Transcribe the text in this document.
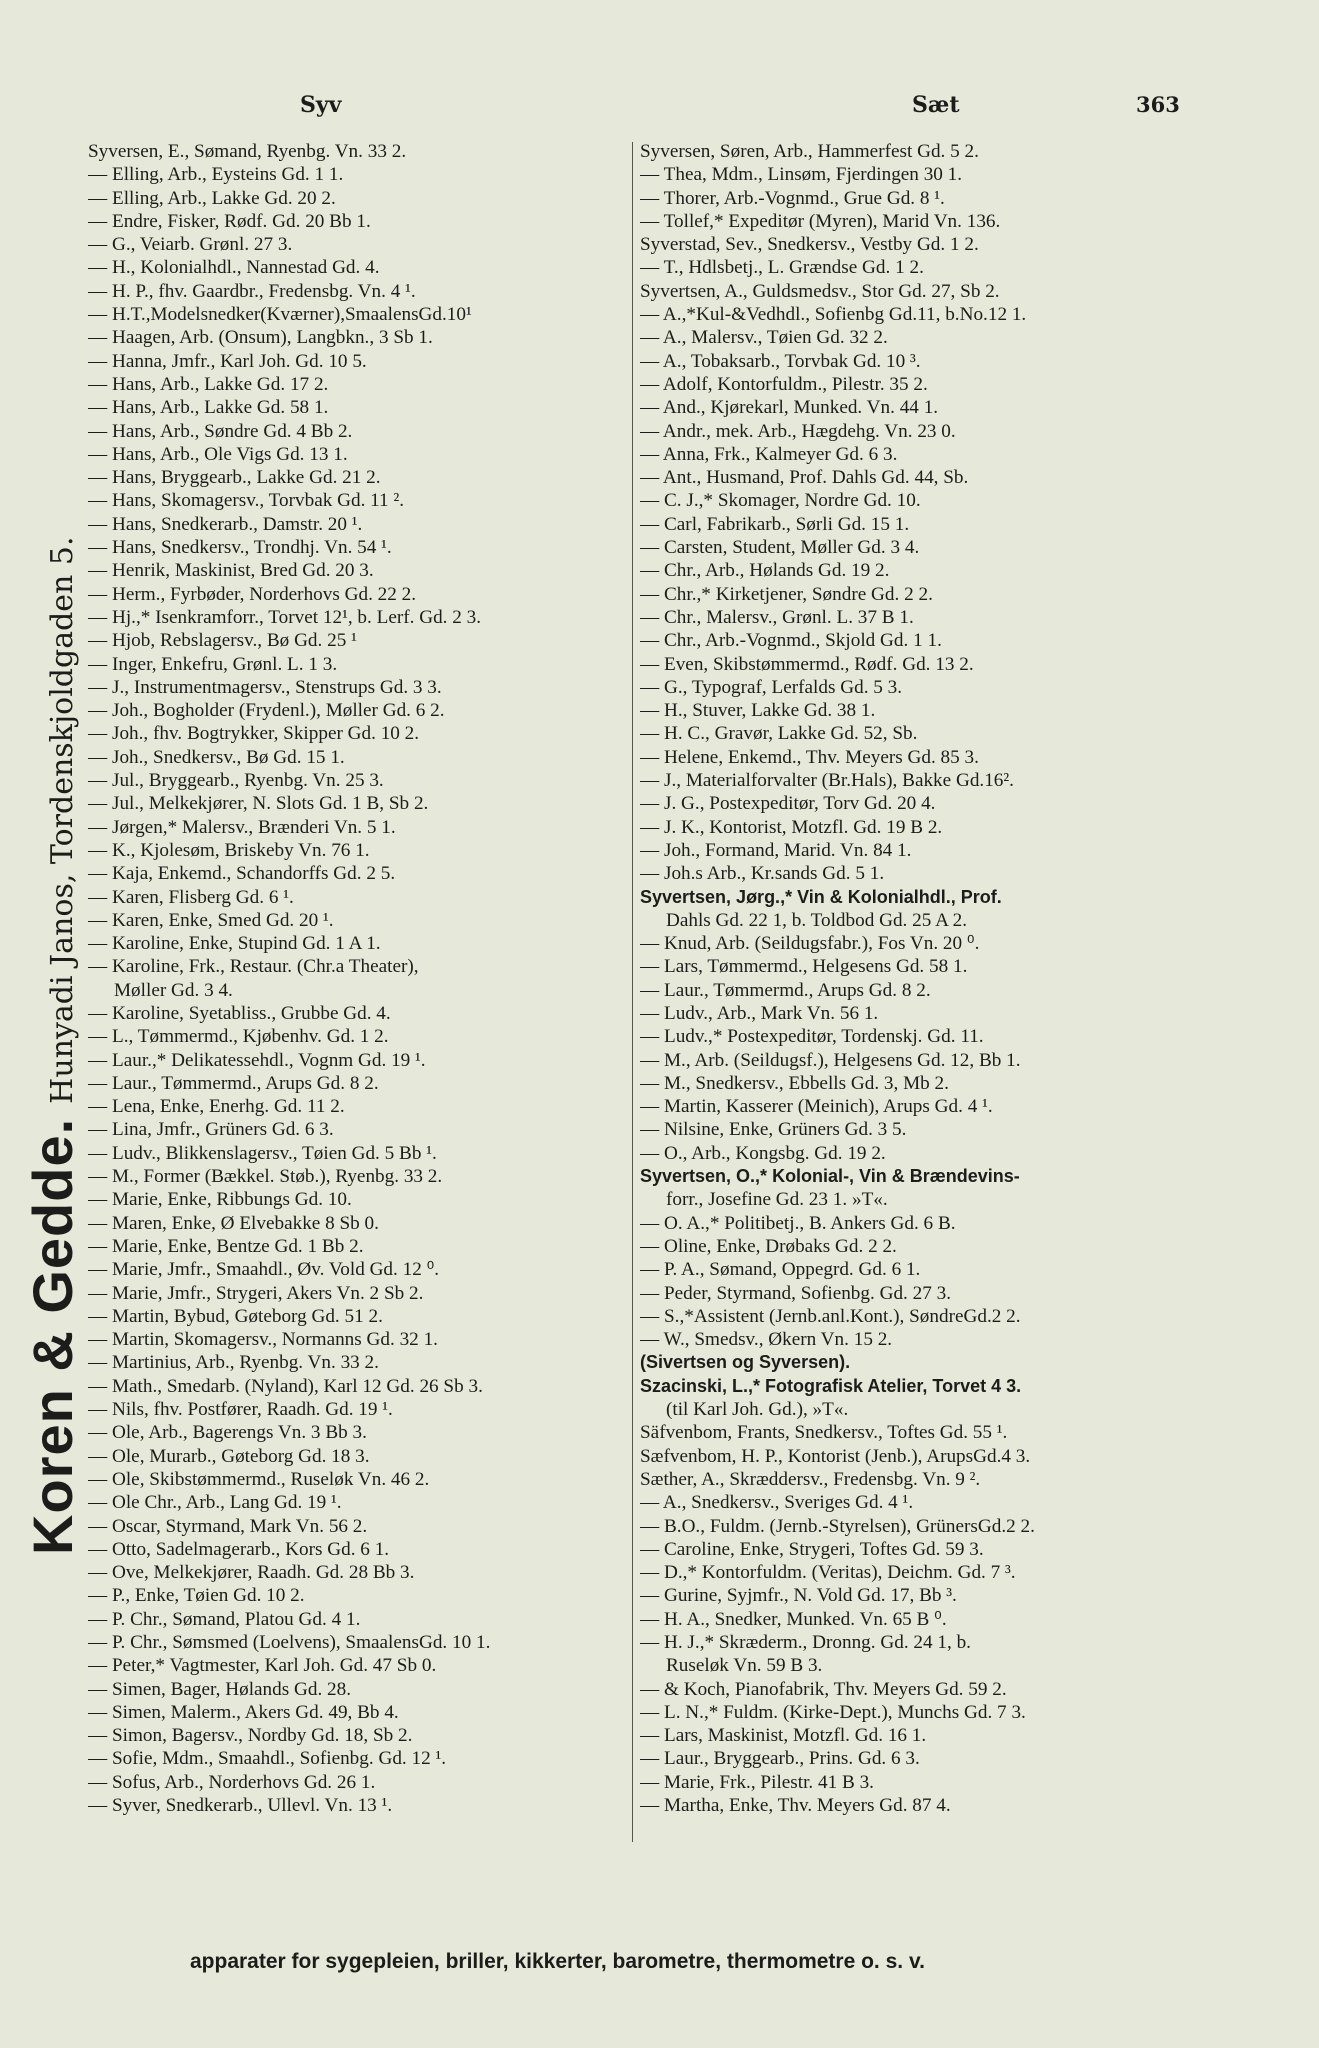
Syv	Sæt	363
Koren & Gedde.Hunyadi Janos, Tordenskjoldgaden 5.
Syversen, E., Sømand, Ryenbg. Vn. 33 2.
— Elling, Arb., Eysteins Gd. 1 1.
— Elling, Arb., Lakke Gd. 20 2.
— Endre, Fisker, Rødf. Gd. 20 Bb 1.
— G., Veiarb. Grønl. 27 3.
— H., Kolonialhdl., Nannestad Gd. 4.
— H. P., fhv. Gaardbr., Fredensbg. Vn. 4 ¹.
— H.T.,Modelsnedker(Kværner),SmaalensGd.10¹
— Haagen, Arb. (Onsum), Langbkn., 3 Sb 1.
— Hanna, Jmfr., Karl Joh. Gd. 10 5.
— Hans, Arb., Lakke Gd. 17 2.
— Hans, Arb., Lakke Gd. 58 1.
— Hans, Arb., Søndre Gd. 4 Bb 2.
— Hans, Arb., Ole Vigs Gd. 13 1.
— Hans, Bryggearb., Lakke Gd. 21 2.
— Hans, Skomagersv., Torvbak Gd. 11 ².
— Hans, Snedkerarb., Damstr. 20 ¹.
— Hans, Snedkersv., Trondhj. Vn. 54 ¹.
— Henrik, Maskinist, Bred Gd. 20 3.
— Herm., Fyrbøder, Norderhovs Gd. 22 2.
— Hj.,* Isenkramforr., Torvet 12¹, b. Lerf. Gd. 2 3.
— Hjob, Rebslagersv., Bø Gd. 25 ¹
— Inger, Enkefru, Grønl. L. 1 3.
— J., Instrumentmagersv., Stenstrups Gd. 3 3.
— Joh., Bogholder (Frydenl.), Møller Gd. 6 2.
— Joh., fhv. Bogtrykker, Skipper Gd. 10 2.
— Joh., Snedkersv., Bø Gd. 15 1.
— Jul., Bryggearb., Ryenbg. Vn. 25 3.
— Jul., Melkekjører, N. Slots Gd. 1 B, Sb 2.
— Jørgen,* Malersv., Brænderi Vn. 5 1.
— K., Kjolesøm, Briskeby Vn. 76 1.
— Kaja, Enkemd., Schandorffs Gd. 2 5.
— Karen, Flisberg Gd. 6 ¹.
— Karen, Enke, Smed Gd. 20 ¹.
— Karoline, Enke, Stupind Gd. 1 A 1.
— Karoline, Frk., Restaur. (Chr.a Theater),
Møller Gd. 3 4.
— Karoline, Syetabliss., Grubbe Gd. 4.
— L., Tømmermd., Kjøbenhv. Gd. 1 2.
— Laur.,* Delikatessehdl., Vognm Gd. 19 ¹.
— Laur., Tømmermd., Arups Gd. 8 2.
— Lena, Enke, Enerhg. Gd. 11 2.
— Lina, Jmfr., Grüners Gd. 6 3.
— Ludv., Blikkenslagersv., Tøien Gd. 5 Bb ¹.
— M., Former (Bækkel. Støb.), Ryenbg. 33 2.
— Marie, Enke, Ribbungs Gd. 10.
— Maren, Enke, Ø Elvebakke 8 Sb 0.
— Marie, Enke, Bentze Gd. 1 Bb 2.
— Marie, Jmfr., Smaahdl., Øv. Vold Gd. 12 ⁰.
— Marie, Jmfr., Strygeri, Akers Vn. 2 Sb 2.
— Martin, Bybud, Gøteborg Gd. 51 2.
— Martin, Skomagersv., Normanns Gd. 32 1.
— Martinius, Arb., Ryenbg. Vn. 33 2.
— Math., Smedarb. (Nyland), Karl 12 Gd. 26 Sb 3.
— Nils, fhv. Postfører, Raadh. Gd. 19 ¹.
— Ole, Arb., Bagerengs Vn. 3 Bb 3.
— Ole, Murarb., Gøteborg Gd. 18 3.
— Ole, Skibstømmermd., Ruseløk Vn. 46 2.
— Ole Chr., Arb., Lang Gd. 19 ¹.
— Oscar, Styrmand, Mark Vn. 56 2.
— Otto, Sadelmagerarb., Kors Gd. 6 1.
— Ove, Melkekjører, Raadh. Gd. 28 Bb 3.
— P., Enke, Tøien Gd. 10 2.
— P. Chr., Sømand, Platou Gd. 4 1.
— P. Chr., Sømsmed (Loelvens), SmaalensGd. 10 1.
— Peter,* Vagtmester, Karl Joh. Gd. 47 Sb 0.
— Simen, Bager, Hølands Gd. 28.
— Simen, Malerm., Akers Gd. 49, Bb 4.
— Simon, Bagersv., Nordby Gd. 18, Sb 2.
— Sofie, Mdm., Smaahdl., Sofienbg. Gd. 12 ¹.
— Sofus, Arb., Norderhovs Gd. 26 1.
— Syver, Snedkerarb., Ullevl. Vn. 13 ¹.
Syversen, Søren, Arb., Hammerfest Gd. 5 2.
— Thea, Mdm., Linsøm, Fjerdingen 30 1.
— Thorer, Arb.-Vognmd., Grue Gd. 8 ¹.
— Tollef,* Expeditør (Myren), Marid Vn. 136.
Syverstad, Sev., Snedkersv., Vestby Gd. 1 2.
— T., Hdlsbetj., L. Grændse Gd. 1 2.
Syvertsen, A., Guldsmedsv., Stor Gd. 27, Sb 2.
— A.,*Kul-&Vedhdl., Sofienbg Gd.11, b.No.12 1.
— A., Malersv., Tøien Gd. 32 2.
— A., Tobaksarb., Torvbak Gd. 10 ³.
— Adolf, Kontorfuldm., Pilestr. 35 2.
— And., Kjørekarl, Munked. Vn. 44 1.
— Andr., mek. Arb., Hægdehg. Vn. 23 0.
— Anna, Frk., Kalmeyer Gd. 6 3.
— Ant., Husmand, Prof. Dahls Gd. 44, Sb.
— C. J.,* Skomager, Nordre Gd. 10.
— Carl, Fabrikarb., Sørli Gd. 15 1.
— Carsten, Student, Møller Gd. 3 4.
— Chr., Arb., Hølands Gd. 19 2.
— Chr.,* Kirketjener, Søndre Gd. 2 2.
— Chr., Malersv., Grønl. L. 37 B 1.
— Chr., Arb.-Vognmd., Skjold Gd. 1 1.
— Even, Skibstømmermd., Rødf. Gd. 13 2.
— G., Typograf, Lerfalds Gd. 5 3.
— H., Stuver, Lakke Gd. 38 1.
— H. C., Gravør, Lakke Gd. 52, Sb.
— Helene, Enkemd., Thv. Meyers Gd. 85 3.
— J., Materialforvalter (Br.Hals), Bakke Gd.16².
— J. G., Postexpeditør, Torv Gd. 20 4.
— J. K., Kontorist, Motzfl. Gd. 19 B 2.
— Joh., Formand, Marid. Vn. 84 1.
— Joh.s Arb., Kr.sands Gd. 5 1.
Syvertsen, Jørg.,* Vin & Kolonialhdl., Prof.
Dahls Gd. 22 1, b. Toldbod Gd. 25 A 2.
— Knud, Arb. (Seildugsfabr.), Fos Vn. 20 ⁰.
— Lars, Tømmermd., Helgesens Gd. 58 1.
— Laur., Tømmermd., Arups Gd. 8 2.
— Ludv., Arb., Mark Vn. 56 1.
— Ludv.,* Postexpeditør, Tordenskj. Gd. 11.
— M., Arb. (Seildugsf.), Helgesens Gd. 12, Bb 1.
— M., Snedkersv., Ebbells Gd. 3, Mb 2.
— Martin, Kasserer (Meinich), Arups Gd. 4 ¹.
— Nilsine, Enke, Grüners Gd. 3 5.
— O., Arb., Kongsbg. Gd. 19 2.
Syvertsen, O.,* Kolonial-, Vin & Brændevins-
forr., Josefine Gd. 23 1. »T«.
— O. A.,* Politibetj., B. Ankers Gd. 6 B.
— Oline, Enke, Drøbaks Gd. 2 2.
— P. A., Sømand, Oppegrd. Gd. 6 1.
— Peder, Styrmand, Sofienbg. Gd. 27 3.
— S.,*Assistent (Jernb.anl.Kont.), SøndreGd.2 2.
— W., Smedsv., Økern Vn. 15 2.
(Sivertsen og Syversen).
Szacinski, L.,* Fotografisk Atelier, Torvet 4 3.
(til Karl Joh. Gd.), »T«.
Säfvenbom, Frants, Snedkersv., Toftes Gd. 55 ¹.
Sæfvenbom, H. P., Kontorist (Jenb.), ArupsGd.4 3.
Sæther, A., Skræddersv., Fredensbg. Vn. 9 ².
— A., Snedkersv., Sveriges Gd. 4 ¹.
— B.O., Fuldm. (Jernb.-Styrelsen), GrünersGd.2 2.
— Caroline, Enke, Strygeri, Toftes Gd. 59 3.
— D.,* Kontorfuldm. (Veritas), Deichm. Gd. 7 ³.
— Gurine, Syjmfr., N. Vold Gd. 17, Bb ³.
— H. A., Snedker, Munked. Vn. 65 B ⁰.
— H. J.,* Skræderm., Dronng. Gd. 24 1, b.
Ruseløk Vn. 59 B 3.
— & Koch, Pianofabrik, Thv. Meyers Gd. 59 2.
— L. N.,* Fuldm. (Kirke-Dept.), Munchs Gd. 7 3.
— Lars, Maskinist, Motzfl. Gd. 16 1.
— Laur., Bryggearb., Prins. Gd. 6 3.
— Marie, Frk., Pilestr. 41 B 3.
— Martha, Enke, Thv. Meyers Gd. 87 4.
apparater for sygepleien, briller, kikkerter, barometre, thermometre o. s. v.
